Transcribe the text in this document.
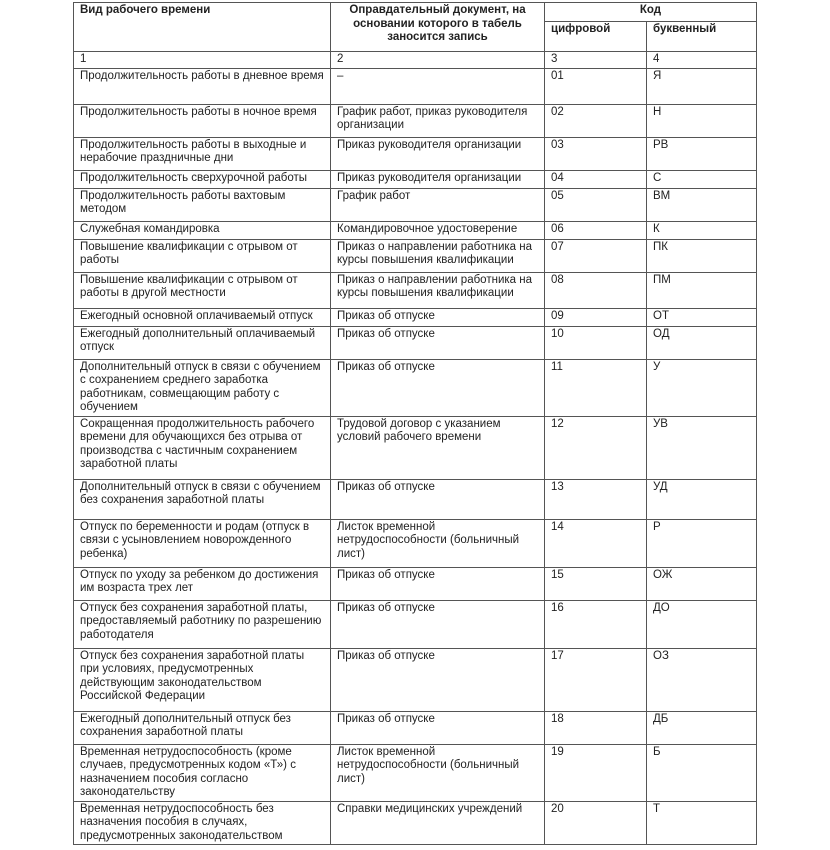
Вид рабочего времени	Оправдательный документ, на основании которого в табель заносится запись	Код	
		цифровой	буквенный
1	2	3	4
Продолжительность работы в дневное время	–	01	Я
Продолжительность работы в ночное время	График работ, приказ руководителя организации	02	Н
Продолжительность работы в выходные и нерабочие праздничные дни	Приказ руководителя организации	03	РВ
Продолжительность сверхурочной работы	Приказ руководителя организации	04	С
Продолжительность работы вахтовым методом	График работ	05	ВМ
Служебная командировка	Командировочное удостоверение	06	К
Повышение квалификации с отрывом от работы	Приказ о направлении работника на курсы повышения квалификации	07	ПК
Повышение квалификации с отрывом от работы в другой местности	Приказ о направлении работника на курсы повышения квалификации	08	ПМ
Ежегодный основной оплачиваемый отпуск	Приказ об отпуске	09	ОТ
Ежегодный дополнительный оплачиваемый отпуск	Приказ об отпуске	10	ОД
Дополнительный отпуск в связи с обучением с сохранением среднего заработка работникам, совмещающим работу с обучением	Приказ об отпуске	11	У
Сокращенная продолжительность рабочего времени для обучающихся без отрыва от производства с частичным сохранением заработной платы	Трудовой договор с указанием условий рабочего времени	12	УВ
Дополнительный отпуск в связи с обучением без сохранения заработной платы	Приказ об отпуске	13	УД
Отпуск по беременности и родам (отпуск в связи с усыновлением новорожденного ребенка)	Листок временной нетрудоспособности (больничный лист)	14	Р
Отпуск по уходу за ребенком до достижения им возраста трех лет	Приказ об отпуске	15	ОЖ
Отпуск без сохранения заработной платы, предоставляемый работнику по разрешению работодателя	Приказ об отпуске	16	ДО
Отпуск без сохранения заработной платы при условиях, предусмотренных действующим законодательством Российской Федерации	Приказ об отпуске	17	ОЗ
Ежегодный дополнительный отпуск без сохранения заработной платы	Приказ об отпуске	18	ДБ
Временная нетрудоспособность (кроме случаев, предусмотренных кодом «Т») с назначением пособия согласно законодательству	Листок временной нетрудоспособности (больничный лист)	19	Б
Временная нетрудоспособность без назначения пособия в случаях, предусмотренных законодательством	Справки медицинских учреждений	20	Т
